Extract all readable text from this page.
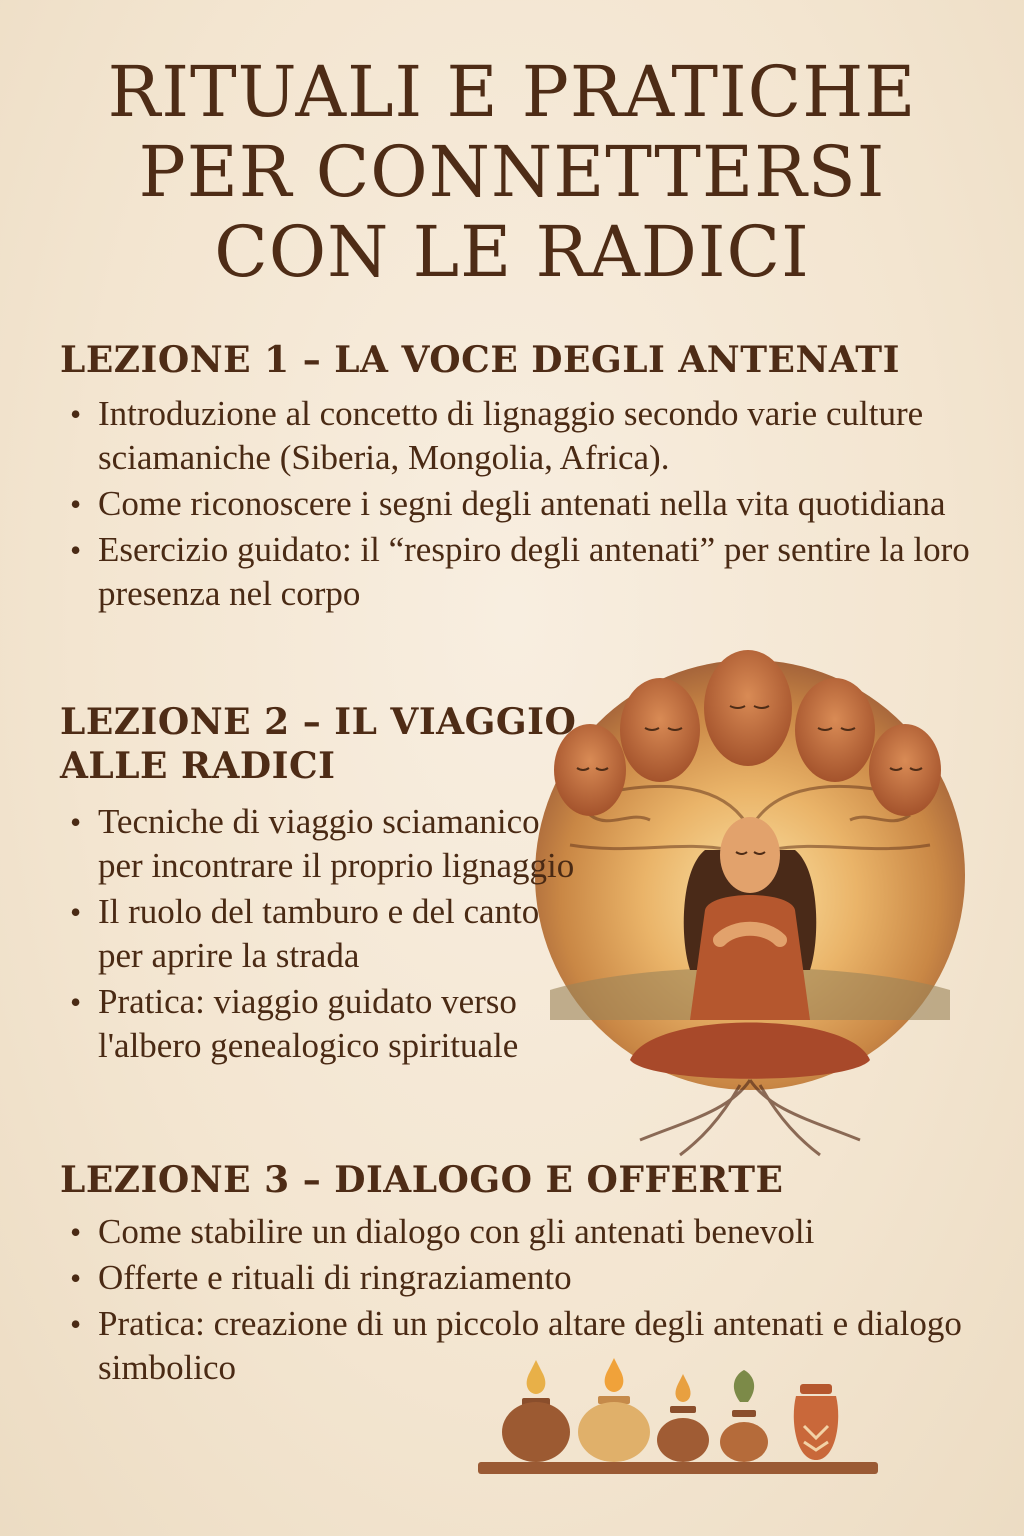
RITUALI E PRATICHE
PER CONNETTERSI
CON LE RADICI
LEZIONE 1 – LA VOCE DEGLI ANTENATI
• Introduzione al concetto di lignaggio secondo varie culture sciamaniche (Siberia, Mongolia, Africa).
• Come riconoscere i segni degli antenati nella vita quotidiana
• Esercizio guidato: il “respiro degli antenati” per sentire la loro presenza nel corpo
LEZIONE 2 – IL VIAGGIO
ALLE RADICI
• Tecniche di viaggio sciamanico per incontrare il proprio lignaggio
• Il ruolo del tamburo e del canto per aprire la strada
• Pratica: viaggio guidato verso l'albero genealogico spirituale
LEZIONE 3 – DIALOGO E OFFERTE
• Come stabilire un dialogo con gli antenati benevoli
• Offerte e rituali di ringraziamento
• Pratica: creazione di un piccolo altare degli antenati e dialogo simbolico
